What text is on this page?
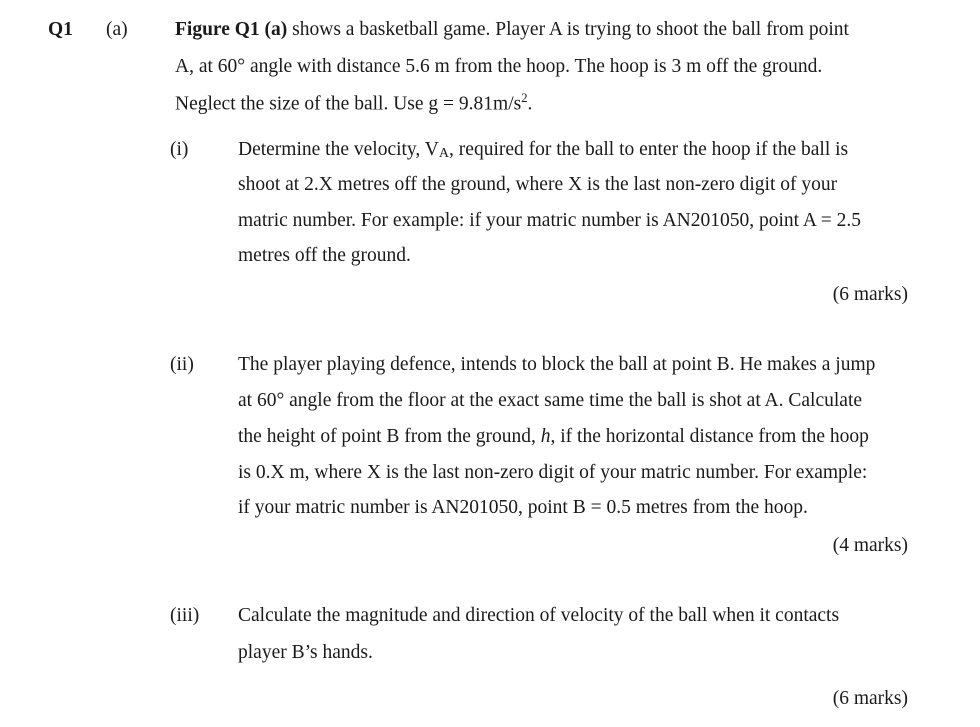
Q1 (a) Figure Q1 (a) shows a basketball game. Player A is trying to shoot the ball from point
A, at 60° angle with distance 5.6 m from the hoop. The hoop is 3 m off the ground.
Neglect the size of the ball. Use $g = 9.81m/s^2$.
(i)	Determine the velocity, $V_A$, required for the ball to enter the hoop if the ball is
shoot at 2.X metres off the ground, where X is the last non-zero digit of your
matric number. For example: if your matric number is AN201050, point A = 2.5
metres off the ground.
(6 marks)
(ii) The player playing defence, intends to block the ball at point B. He makes a jump
at 60° angle from the floor at the exact same time the ball is shot at A. Calculate
the height of point B from the ground, h, if the horizontal distance from the hoop
is 0.X m, where X is the last non-zero digit of your matric number. For example:
if your matric number is AN201050, point B = 0.5 metres from the hoop.
(4 marks)
(iii) Calculate the magnitude and direction of velocity of the ball when it contacts
player B’s hands.
(6 marks)
